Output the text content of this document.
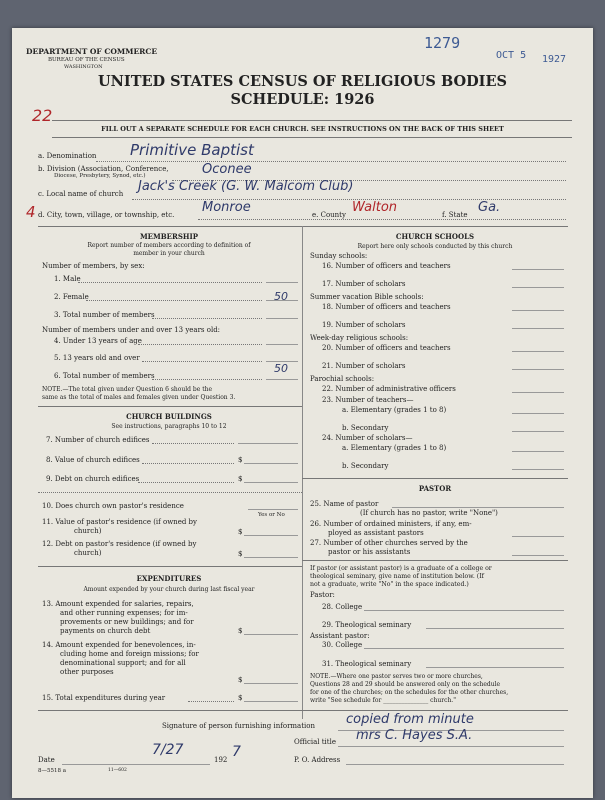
1279
OCT 5 1927
DEPARTMENT OF COMMERCE
BUREAU OF THE CENSUS
WASHINGTON
UNITED STATES CENSUS OF RELIGIOUS BODIES
SCHEDULE: 1926
22
FILL OUT A SEPARATE SCHEDULE FOR EACH CHURCH. SEE INSTRUCTIONS ON THE BACK OF THIS SHEET
a. Denomination Primitive Baptist
b. Division (Association, Conference,
Diocese, Presbytery, Synod, etc.)	Oconee
c. Local name of church Jack's Creek (G. W. Malcom Club)
4 d. City, town, village, or township, etc. Monroe	e. County Walton	f. State Ga.
MEMBERSHIP
Report number of members according to definition of
member in your church
Number of members, by sex:
1. Male
2. Female	50
3. Total number of members
Number of members under and over 13 years old:
4. Under 13 years of age
5. 13 years old and over
6. Total number of members
50
NOTE.—The total given under Question 6 should be the
same as the total of males and females given under Question 3.
CHURCH BUILDINGS
See instructions, paragraphs 10 to 12
7. Number of church edifices
8. Value of church edifices	$
9. Debt on church edifices	$
10. Does church own pastor's residence
Yes or No
11. Value of pastor's residence (if owned by
church)	$
12. Debt on pastor's residence (if owned by
church)	$
EXPENDITURES
Amount expended by your church during last fiscal year
13. Amount expended for salaries, repairs,
and other running expenses; for im-
provements or new buildings; and for
payments on church debt	$
14. Amount expended for benevolences, in-
cluding home and foreign missions; for
denominational support; and for all
other purposes
$
15. Total expenditures during year	$
CHURCH SCHOOLS
Report here only schools conducted by this church
Sunday schools:
16. Number of officers and teachers
17. Number of scholars
Summer vacation Bible schools:
18. Number of officers and teachers
19. Number of scholars
Week-day religious schools:
20. Number of officers and teachers
21. Number of scholars
Parochial schools:
22. Number of administrative officers
23. Number of teachers—
a. Elementary (grades 1 to 8)
b. Secondary
24. Number of scholars—
a. Elementary (grades 1 to 8)
b. Secondary
PASTOR
25. Name of pastor
(If church has no pastor, write "None")
26. Number of ordained ministers, if any, em-
ployed as assistant pastors
27. Number of other churches served by the
pastor or his assistants
If pastor (or assistant pastor) is a graduate of a college or
theological seminary, give name of institution below. (If
not a graduate, write "No" in the space indicated.)
Pastor:
28. College
29. Theological seminary
Assistant pastor:
30. College
31. Theological seminary
NOTE.—Where one pastor serves two or more churches,
Questions 28 and 29 should be answered only on the schedule
for one of the churches; on the schedules for the other churches,
write "See schedule for _______________ church."
Signature of person furnishing information copied from minute
Official title mrs C. Hayes S.A.
Date
7/27
192 7	P. O. Address
8—5518 a	11—602
